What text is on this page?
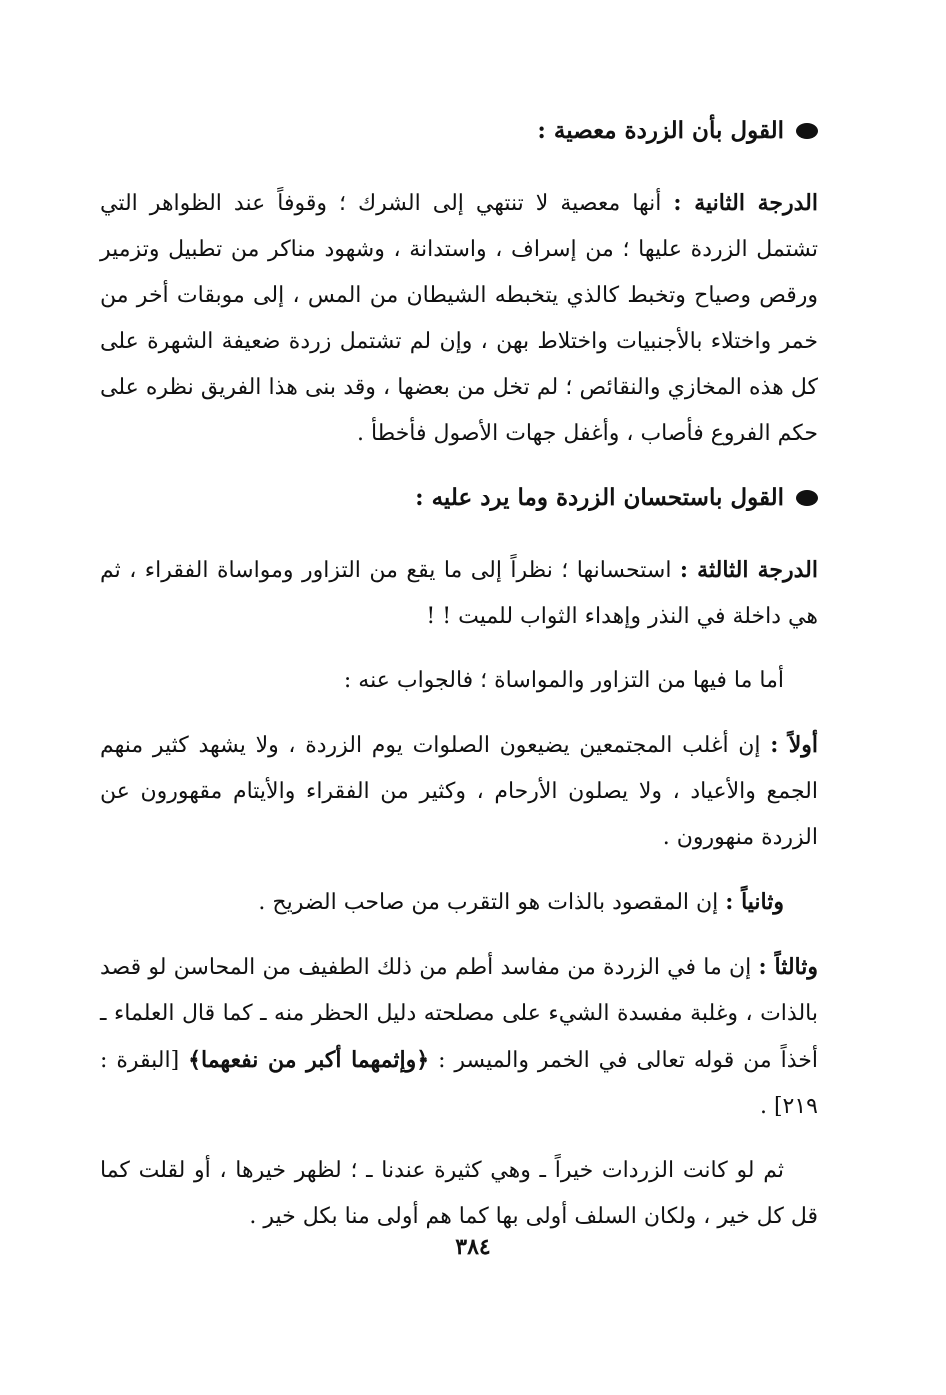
القول بأن الزردة معصية :

الدرجة الثانية : أنها معصية لا تنتهي إلى الشرك ؛ وقوفاً عند الظواهر التي تشتمل الزردة عليها ؛ من إسراف ، واستدانة ، وشهود مناكر من تطبيل وتزمير ورقص وصياح وتخبط كالذي يتخبطه الشيطان من المس ، إلى موبقات أخر من خمر واختلاء بالأجنبيات واختلاط بهن ، وإن لم تشتمل زردة ضعيفة الشهرة على كل هذه المخازي والنقائص ؛ لم تخل من بعضها ، وقد بنى هذا الفريق نظره على حكم الفروع فأصاب ، وأغفل جهات الأصول فأخطأ .

القول باستحسان الزردة وما يرد عليه :

الدرجة الثالثة : استحسانها ؛ نظراً إلى ما يقع من التزاور ومواساة الفقراء ، ثم هي داخلة في النذر وإهداء الثواب للميت ! !

أما ما فيها من التزاور والمواساة ؛ فالجواب عنه :

أولاً : إن أغلب المجتمعين يضيعون الصلوات يوم الزردة ، ولا يشهد كثير منهم الجمع والأعياد ، ولا يصلون الأرحام ، وكثير من الفقراء والأيتام مقهورون عن الزردة منهورون .

وثانياً : إن المقصود بالذات هو التقرب من صاحب الضريح .

وثالثاً : إن ما في الزردة من مفاسد أطم من ذلك الطفيف من المحاسن لو قصد بالذات ، وغلبة مفسدة الشيء على مصلحته دليل الحظر منه ـ كما قال العلماء ـ أخذاً من قوله تعالى في الخمر والميسر : ﴿وإثمهما أكبر من نفعهما﴾ [البقرة : ٢١٩] .

ثم لو كانت الزردات خيراً ـ وهي كثيرة عندنا ـ ؛ لظهر خيرها ، أو لقلت كما قل كل خير ، ولكان السلف أولى بها كما هم أولى منا بكل خير .

٣٨٤
